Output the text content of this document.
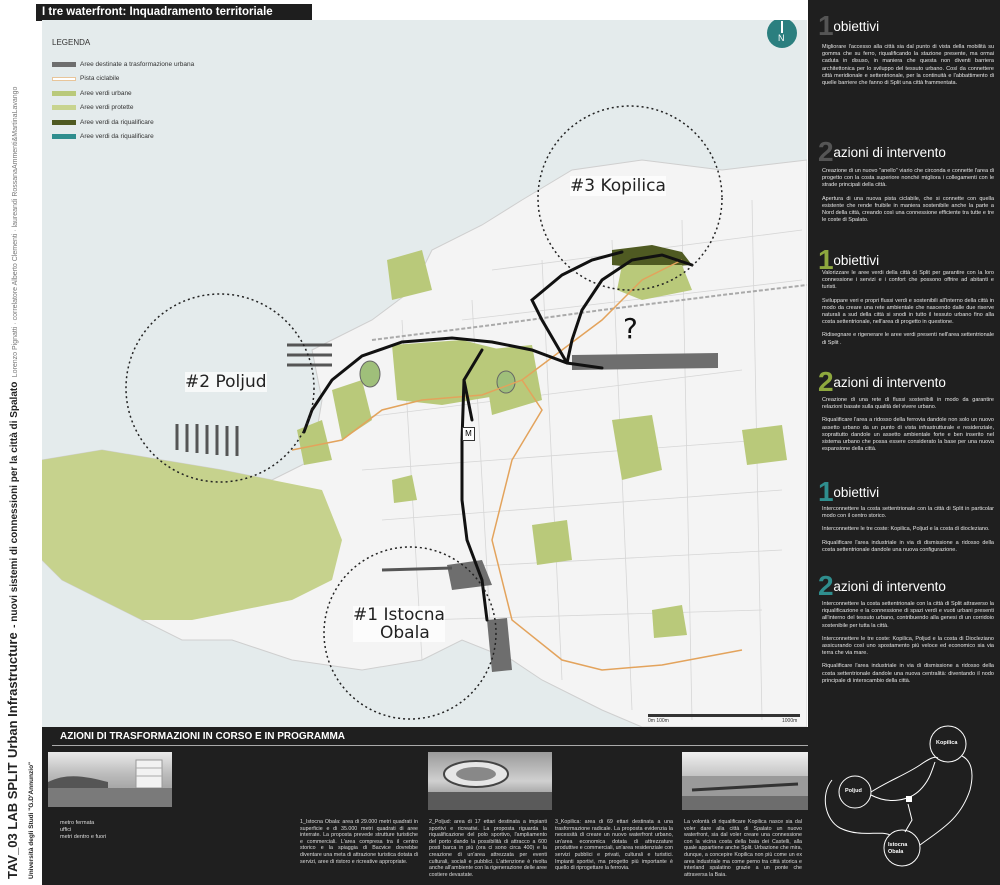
TAV_03 LAB SPLIT Urban Infrastructure - nuovi sistemi di connessioni per la città di Spalato Lorenzo Pignatti · correlatore Alberto Clementi · laureandi RossanaAmmenti&MartinaLavango
Università degli Studi "G.D'Annunzio"
I tre waterfront: Inquadramento territoriale
LEGENDA
Aree destinate a trasformazione urbana
Pista ciclabile
Aree verdi urbane
Aree verdi protette
Aree verdi da riqualificare
Aree verdi da riqualificare
N
#2 Poljud
#3 Kopilica
#1 Istocna
Obala
?
M
0m 100m	1000m
1 obiettivi

Migliorare l'accesso alla città sia dal punto di vista della mobilità su gomma che su ferro, riqualificando la stazione presente, ma ormai caduta in disuso, in maniera che questa non diventi barriera architettonica per lo sviluppo del tessuto urbano. Così da connettere città meridionale e settentrionale, per la continuità e l'abbattimento di quelle barriere che fanno di Split una città frammentata.

2 azioni di intervento

Creazione di un nuovo "anello" viario che circonda e connette l'area di progetto con la costa superiore nonché migliora i collegamenti con le strade principali della città.

Apertura di una nuova pista ciclabile, che si connette con quella esistente che rende fruibile in maniera sostenibile anche la parte a Nord della città, creando così una connessione efficiente tra tutte e tre le coste di Spalato.

1 obiettivi

Valorizzare le aree verdi della città di Split per garantire con la loro connessione i servizi e i confort che possono offrire ad abitanti e turisti.

Sviluppare veri e propri flussi verdi e sostenibili all'interno della città in modo da creare una rete ambientale che nascendo dalle due riserve naturali a sud della città si snodi in tutto il tessuto urbano fino alla costa settentrionale, nell'area di progetto in questione.

Ridisegnare e rigenerare le aree verdi presenti nell'area settentrionale di Split .

2 azioni di intervento

Creazione di una rete di flussi sostenibili in modo da garantire relazioni basate sulla qualità del vivere urbano.

Riqualificare l'area a ridosso della ferrovia dandole non solo un nuovo assetto urbano da un punto di vista infrastrutturale e residenziale, soprattutto dandole un assetto ambientale forte e ben inserito nel sistema urbano che possa essere considerato la base per una nuova espansione della città.

1 obiettivi

Interconnettere la costa settentrionale con la città di Split in particolar modo con il centro storico.

Interconnettere le tre coste: Kopilica, Poljud e la costa di diocleziano.

Riqualificare l'area industriale in via di dismissione a ridosso della costa settentrionale dandole una nuova configurazione.

2 azioni di intervento

Interconnettere la costa settentrionale con la città di Split attraverso la riqualificazione e la connessione di spazi verdi e vuoti urbani presenti all'interno del tessuto urbano, contribuendo alla genesi di un corridoio sostenibile per tutta la città.

Interconnettere le tre coste: Kopilica, Poljud e la costa di Diocleziano assicurando così uno spostamento più veloce ed economico sia via terra che via mare.

Riqualificare l'area industriale in via di dismissione a ridosso della costa settentrionale dandole una nuova centralità: diventando il nodo principale di interscambio della città.

Kopilica
Poljud
Istocna Obala
AZIONI DI TRASFORMAZIONI IN CORSO E IN PROGRAMMA
metro fermata
uffici
metri dentro e fuori
1_Istocna Obala: area di 29.000 metri quadrati in superficie e di 35.000 metri quadrati di aree interrate. La proposta prevede strutture turistiche e commerciali. L'area compresa tra il centro storico e la spiaggia di Bacvice dovrebbe diventare una meta di attrazione turistica dotata di servizi, aree di ristoro e ricreative appropriate.
2_Poljud: area di 17 ettari destinata a impianti sportivi e ricreativi. La proposta riguarda la riqualificazione del polo sportivo, l'ampliamento del porto dando la possibilità di attracco a 600 posti barca in più (ora ci sono circa 400) e la creazione di un'area attrezzata per eventi culturali, sociali e pubblici. L'attenzione è rivolta anche all'ambiente con la rigenerazione delle aree costiere devastate.
3_Kopilica: area di 69 ettari destinata a una trasformazione radicale. La proposta evidenzia la necessità di creare un nuovo waterfront urbano, un'area economica dotata di attrezzature produttive e commerciali, un'area residenziale con servizi pubblici e privati, culturali e turistici. Impianti sportivi, ma progetto più importante è quello di riprogettare la ferrovia.
La volontà di riqualificare Kopilica nasce sia dal voler dare alla città di Spalato un nuovo waterfront, sia dal voler creare una connessione con la vicina costa della baia dei Castelli, alla quale appartiene anche Split. Urbazione che mira, dunque, a concepire Kopilica non più come un ex area industriale ma come perno tra città storica e interland spalatino grazie a un ponte che attraversa la Baia.
